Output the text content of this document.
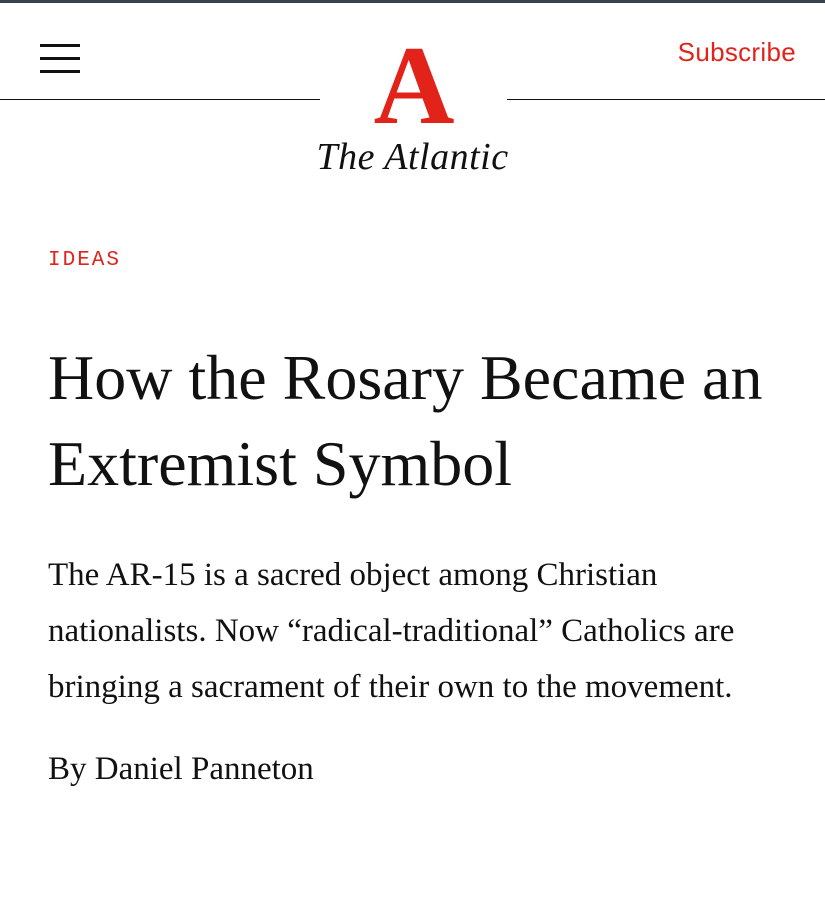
A
The Atlantic
Subscribe
IDEAS
How the Rosary Became an Extremist Symbol

The AR-15 is a sacred object among Christian nationalists. Now “radical-traditional” Catholics are bringing a sacrament of their own to the movement.

By Daniel Panneton
